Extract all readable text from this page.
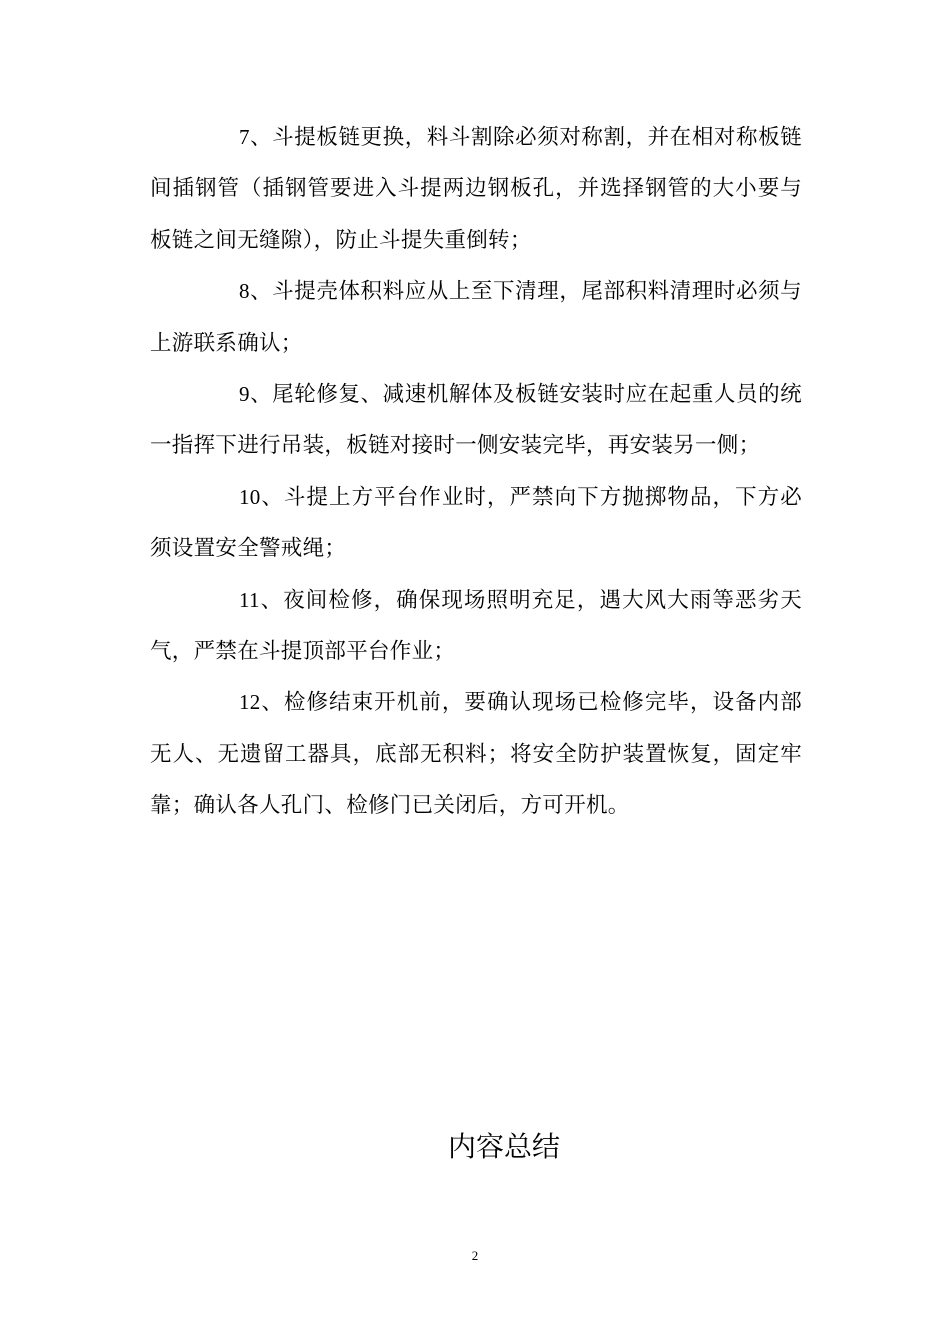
7、斗提板链更换，料斗割除必须对称割，并在相对称板链间插钢管（插钢管要进入斗提两边钢板孔，并选择钢管的大小要与板链之间无缝隙），防止斗提失重倒转；

8、斗提壳体积料应从上至下清理，尾部积料清理时必须与上游联系确认；

9、尾轮修复、减速机解体及板链安装时应在起重人员的统一指挥下进行吊装，板链对接时一侧安装完毕，再安装另一侧；

10、斗提上方平台作业时，严禁向下方抛掷物品，下方必须设置安全警戒绳；

11、夜间检修，确保现场照明充足，遇大风大雨等恶劣天气，严禁在斗提顶部平台作业；

12、检修结束开机前，要确认现场已检修完毕，设备内部无人、无遗留工器具，底部无积料；将安全防护装置恢复，固定牢靠；确认各人孔门、检修门已关闭后，方可开机。

内容总结
2
